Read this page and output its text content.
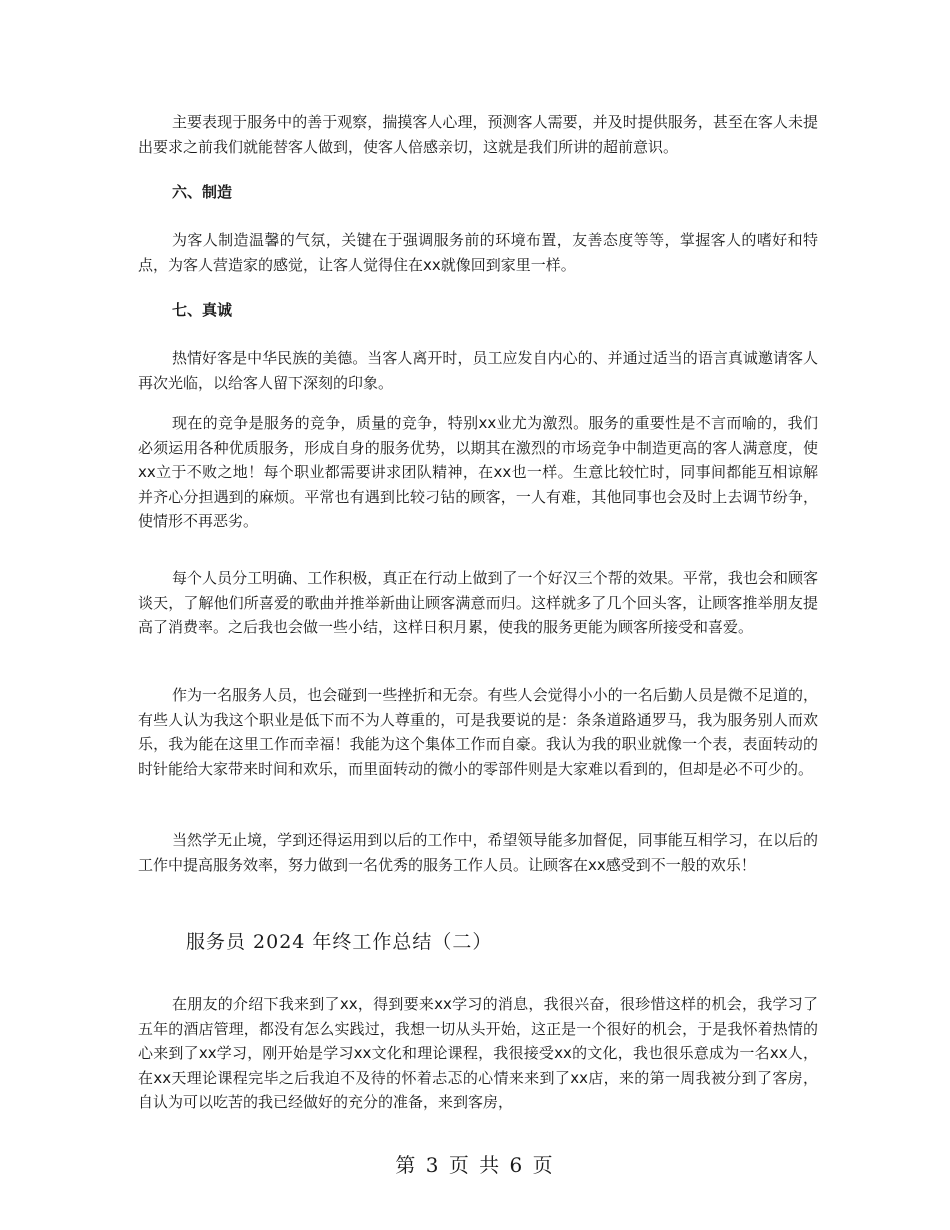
主要表现于服务中的善于观察，揣摸客人心理，预测客人需要，并及时提供服务，甚至在客人未提出要求之前我们就能替客人做到，使客人倍感亲切，这就是我们所讲的超前意识。

六、制造

为客人制造温馨的气氛，关键在于强调服务前的环境布置，友善态度等等，掌握客人的嗜好和特点，为客人营造家的感觉，让客人觉得住在xx就像回到家里一样。

七、真诚

热情好客是中华民族的美德。当客人离开时，员工应发自内心的、并通过适当的语言真诚邀请客人再次光临，以给客人留下深刻的印象。

现在的竞争是服务的竞争，质量的竞争，特别xx业尤为激烈。服务的重要性是不言而喻的，我们必须运用各种优质服务，形成自身的服务优势，以期其在激烈的市场竞争中制造更高的客人满意度，使xx立于不败之地！每个职业都需要讲求团队精神，在xx也一样。生意比较忙时，同事间都能互相谅解并齐心分担遇到的麻烦。平常也有遇到比较刁钻的顾客，一人有难，其他同事也会及时上去调节纷争，使情形不再恶劣。

每个人员分工明确、工作积极，真正在行动上做到了一个好汉三个帮的效果。平常，我也会和顾客谈天，了解他们所喜爱的歌曲并推举新曲让顾客满意而归。这样就多了几个回头客，让顾客推举朋友提高了消费率。之后我也会做一些小结，这样日积月累，使我的服务更能为顾客所接受和喜爱。

作为一名服务人员，也会碰到一些挫折和无奈。有些人会觉得小小的一名后勤人员是微不足道的，有些人认为我这个职业是低下而不为人尊重的，可是我要说的是：条条道路通罗马，我为服务别人而欢乐，我为能在这里工作而幸福！我能为这个集体工作而自豪。我认为我的职业就像一个表，表面转动的时针能给大家带来时间和欢乐，而里面转动的微小的零部件则是大家难以看到的，但却是必不可少的。

当然学无止境，学到还得运用到以后的工作中，希望领导能多加督促，同事能互相学习，在以后的工作中提高服务效率，努力做到一名优秀的服务工作人员。让顾客在xx感受到不一般的欢乐！

服务员 2024 年终工作总结（二）

在朋友的介绍下我来到了xx，得到要来xx学习的消息，我很兴奋，很珍惜这样的机会，我学习了五年的酒店管理，都没有怎么实践过，我想一切从头开始，这正是一个很好的机会，于是我怀着热情的心来到了xx学习，刚开始是学习xx文化和理论课程，我很接受xx的文化，我也很乐意成为一名xx人，在xx天理论课程完毕之后我迫不及待的怀着忐忑的心情来来到了xx店，来的第一周我被分到了客房，自认为可以吃苦的我已经做好的充分的准备，来到客房，

第 3 页 共 6 页
